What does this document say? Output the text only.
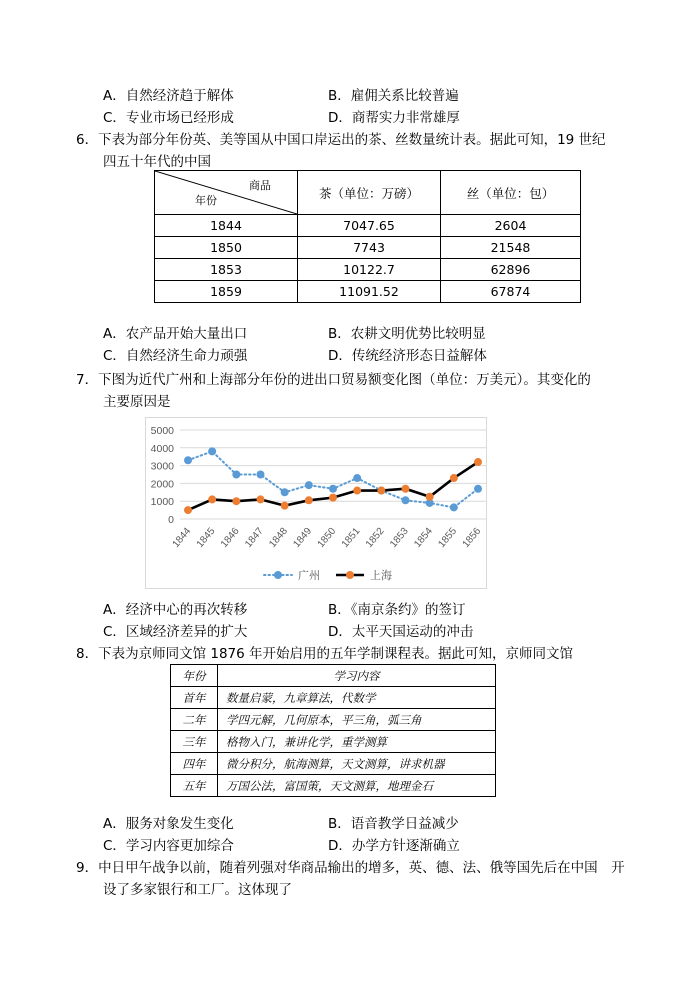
A．自然经济趋于解体	B．雇佣关系比较普遍
C．专业市场已经形成	D．商帮实力非常雄厚
6．下表为部分年份英、美等国从中国口岸运出的茶、丝数量统计表。据此可知，19 世纪
四五十年代的中国
商品
年份	茶（单位：万磅）	丝（单位：包）
1844	7047.65	2604
1850	7743	21548
1853	10122.7	62896
1859	11091.52	67874
A．农产品开始大量出口	B．农耕文明优势比较明显
C．自然经济生命力顽强	D．传统经济形态日益解体
7．下图为近代广州和上海部分年份的进出口贸易额变化图（单位：万美元）。其变化的
主要原因是
0
1000
2000
3000
4000
5000
1844 1845 1846 1847 1848 1849 1850 1851 1852 1853 1854 1855 1856
广州	上海
A．经济中心的再次转移	B．《南京条约》的签订
C．区域经济差异的扩大	D．太平天国运动的冲击
8．下表为京师同文馆 1876 年开始启用的五年学制课程表。据此可知，京师同文馆
年份	学习内容
首年	数量启蒙，九章算法，代数学
二年	学四元解，几何原本，平三角，弧三角
三年	格物入门，兼讲化学，重学测算
四年	微分积分，航海测算，天文测算，讲求机器
五年	万国公法，富国策，天文测算，地理金石
A．服务对象发生变化	B．语音教学日益减少
C．学习内容更加综合	D．办学方针逐渐确立
9．中日甲午战争以前，随着列强对华商品输出的增多，英、德、法、俄等国先后在中国　开
设了多家银行和工厂。这体现了
